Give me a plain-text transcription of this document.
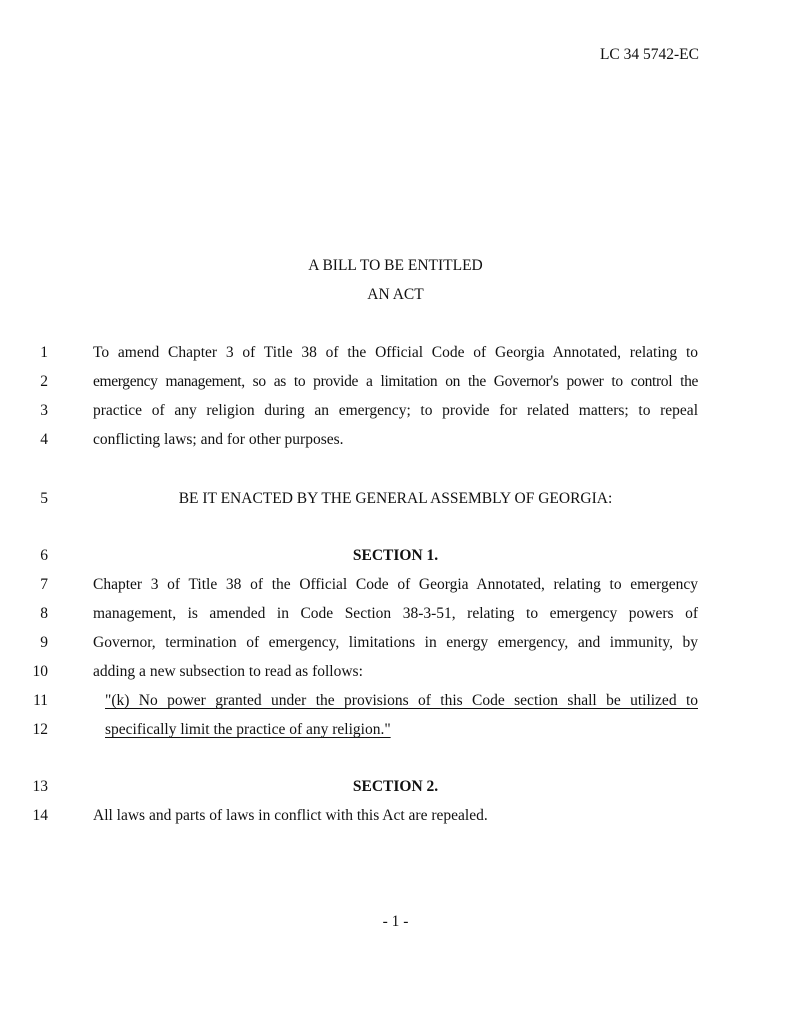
LC 34 5742-EC
A BILL TO BE ENTITLED
AN ACT
1	To amend Chapter 3 of Title 38 of the Official Code of Georgia Annotated, relating to
2	emergency management, so as to provide a limitation on the Governor's power to control the
3	practice of any religion during an emergency; to provide for related matters; to repeal
4	conflicting laws; and for other purposes.
5	BE IT ENACTED BY THE GENERAL ASSEMBLY OF GEORGIA:
6	SECTION 1.
7	Chapter 3 of Title 38 of the Official Code of Georgia Annotated, relating to emergency
8	management, is amended in Code Section 38-3-51, relating to emergency powers of
9	Governor, termination of emergency, limitations in energy emergency, and immunity, by
10	adding a new subsection to read as follows:
11	"(k) No power granted under the provisions of this Code section shall be utilized to
12	specifically limit the practice of any religion."
13	SECTION 2.
14	All laws and parts of laws in conflict with this Act are repealed.
- 1 -
